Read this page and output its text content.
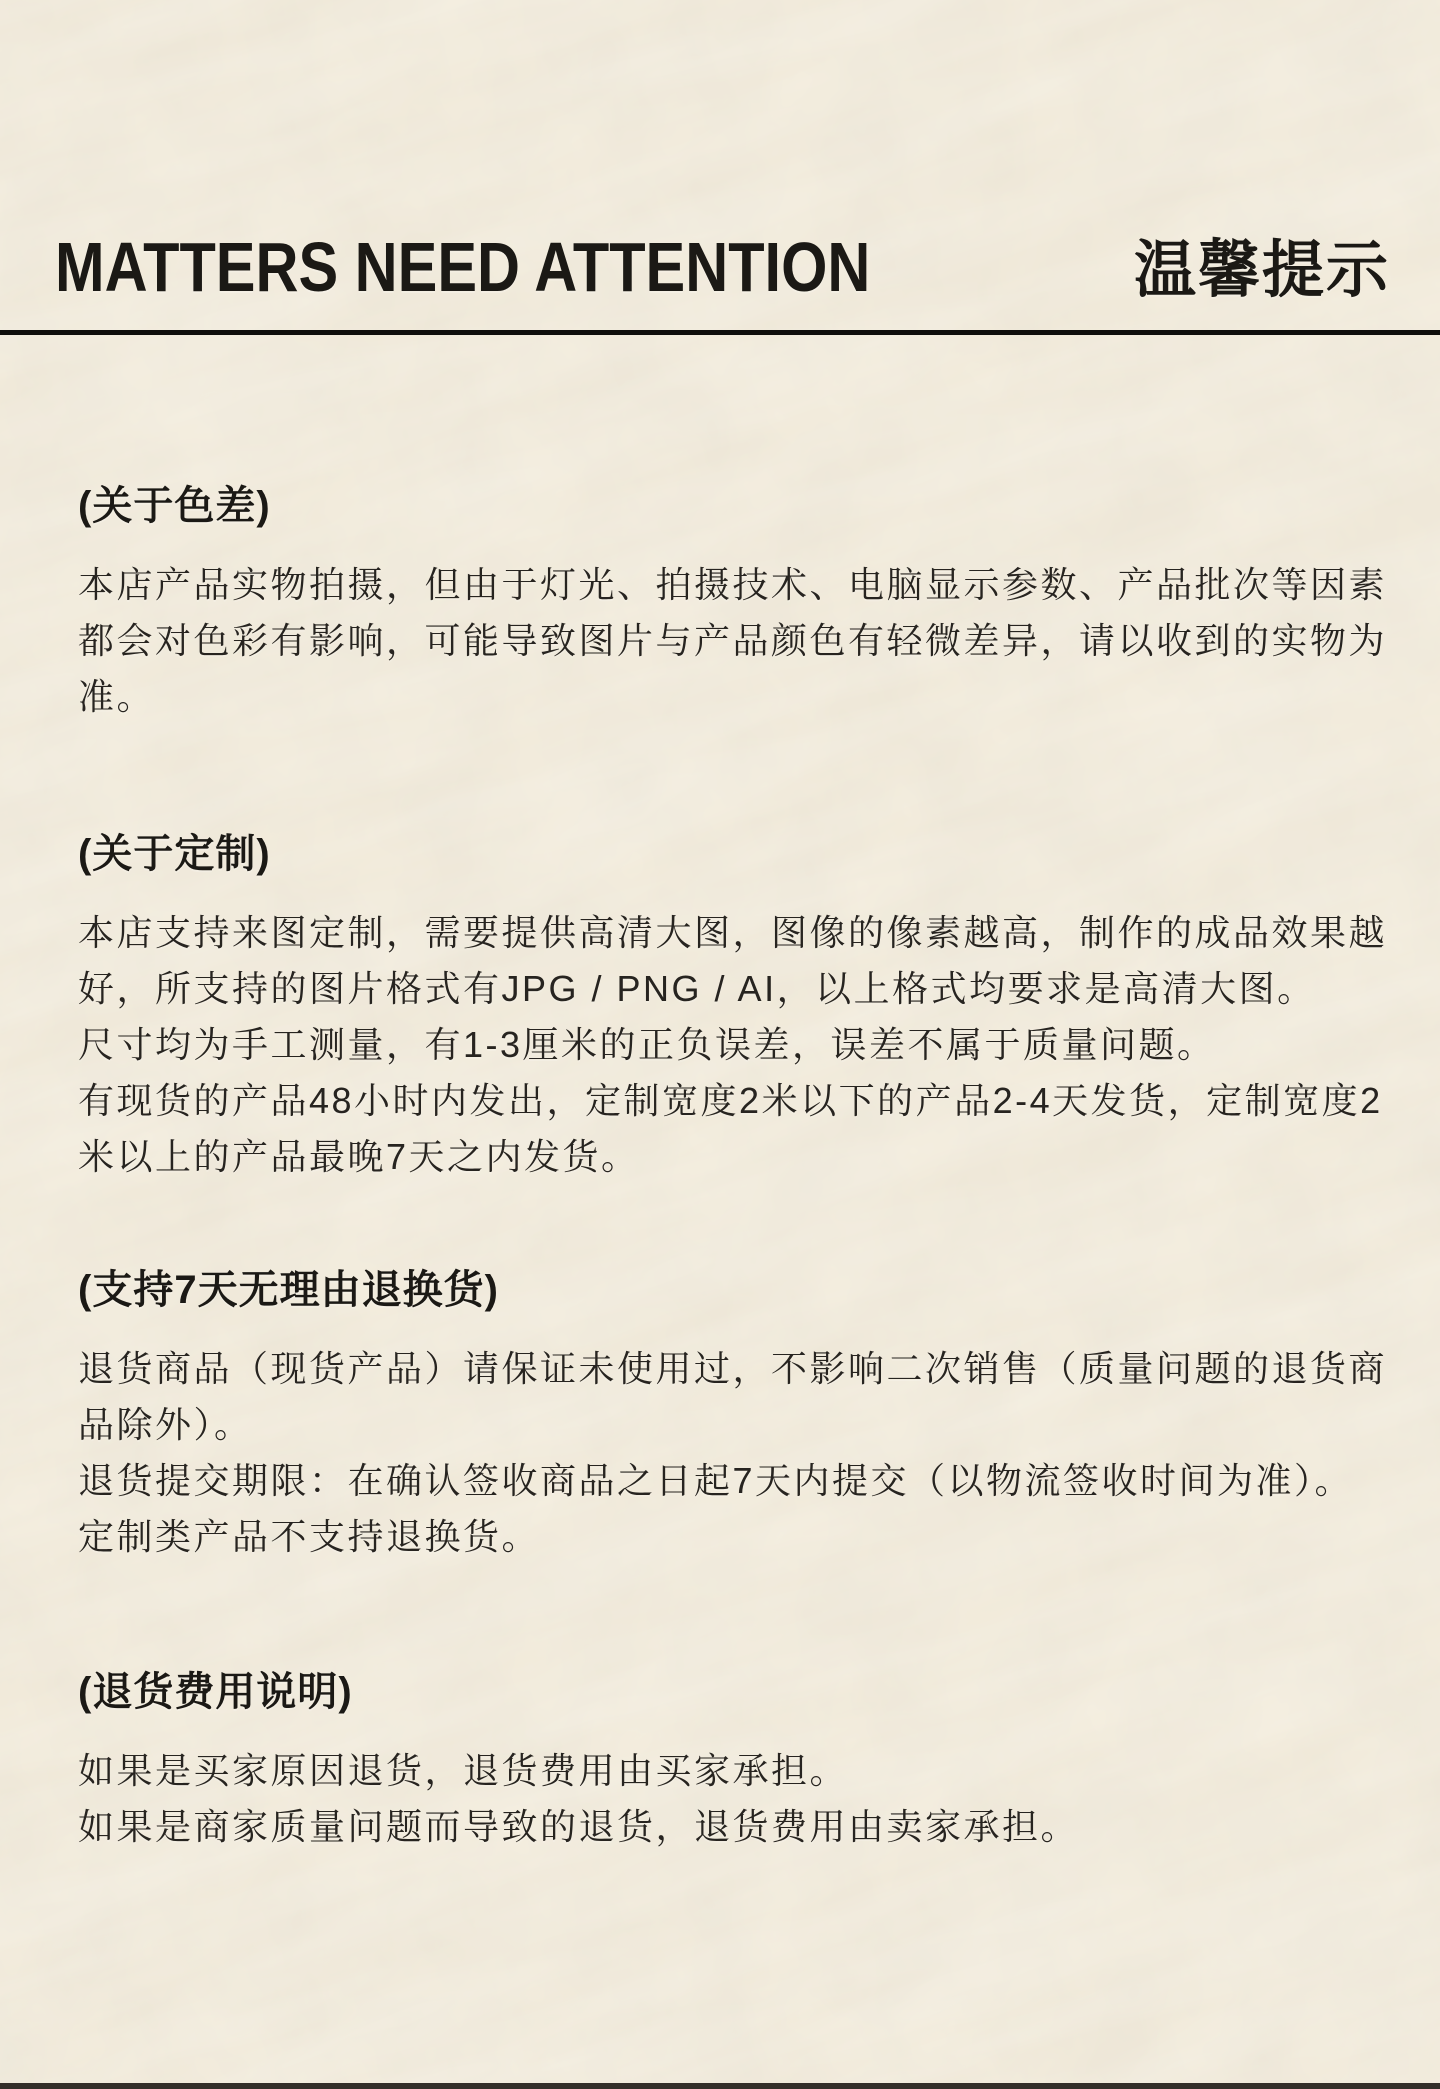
MATTERS NEED ATTENTION	温馨提示
(关于色差)

本店产品实物拍摄，但由于灯光、拍摄技术、电脑显示参数、产品批次等因素都会对色彩有影响，可能导致图片与产品颜色有轻微差异，请以收到的实物为准。

(关于定制)

本店支持来图定制，需要提供高清大图，图像的像素越高，制作的成品效果越好，所支持的图片格式有JPG / PNG / AI，以上格式均要求是高清大图。

尺寸均为手工测量，有1-3厘米的正负误差，误差不属于质量问题。

有现货的产品48小时内发出，定制宽度2米以下的产品2-4天发货，定制宽度2米以上的产品最晚7天之内发货。

(支持7天无理由退换货)

退货商品（现货产品）请保证未使用过，不影响二次销售（质量问题的退货商品除外）。

退货提交期限：在确认签收商品之日起7天内提交（以物流签收时间为准）。

定制类产品不支持退换货。

(退货费用说明)

如果是买家原因退货，退货费用由买家承担。

如果是商家质量问题而导致的退货，退货费用由卖家承担。
